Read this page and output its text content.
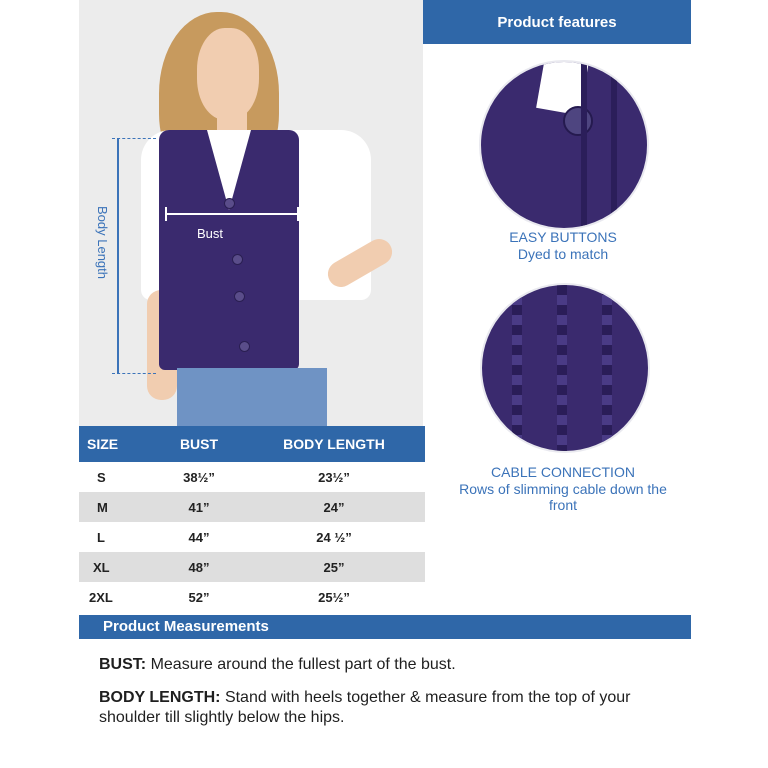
Bust
Body Length
SIZE	BUST	BODY LENGTH
S	38½”	23½”
M	41”	24”
L	44”	24 ½”
XL	48”	25”
2XL	52”	25½”
Product features
EASY BUTTONS
Dyed to match
CABLE CONNECTION
Rows of slimming cable down the front
Product Measurements
BUST: Measure around the fullest part of the bust.
BODY LENGTH: Stand with heels together & measure from the top of your shoulder till slightly below the hips.
